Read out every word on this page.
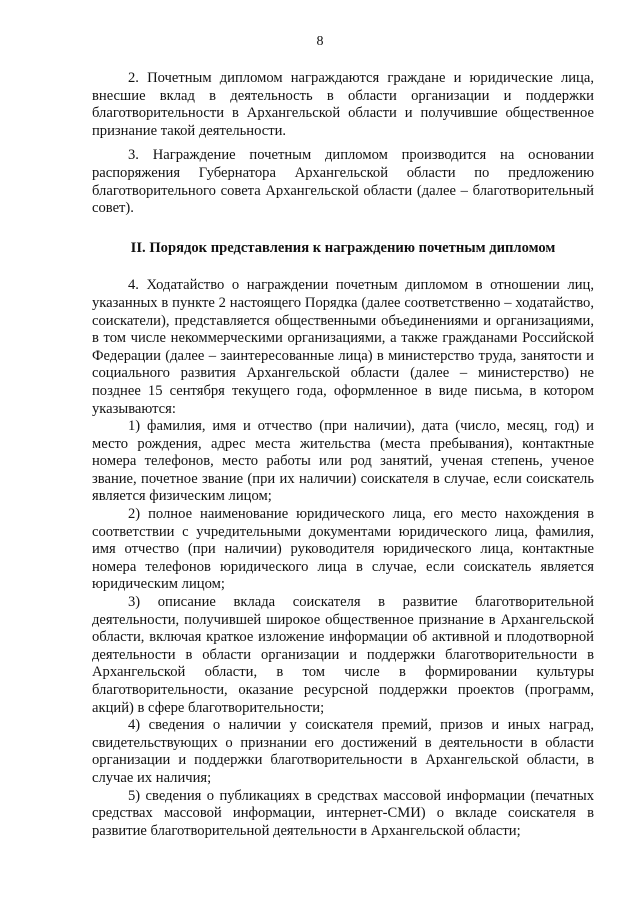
8

2. Почетным дипломом награждаются граждане и юридические лица, внесшие вклад в деятельность в области организации и поддержки благотворительности в Архангельской области и получившие общественное признание такой деятельности.

3. Награждение почетным дипломом производится на основании распоряжения Губернатора Архангельской области по предложению благотворительного совета Архангельской области (далее – благотворительный совет).

II. Порядок представления к награждению почетным дипломом

4. Ходатайство о награждении почетным дипломом в отношении лиц, указанных в пункте 2 настоящего Порядка (далее соответственно – ходатайство, соискатели), представляется общественными объединениями и организациями, в том числе некоммерческими организациями, а также гражданами Российской Федерации (далее – заинтересованные лица) в министерство труда, занятости и социального развития Архангельской области (далее – министерство) не позднее 15 сентября текущего года, оформленное в виде письма, в котором указываются:

1) фамилия, имя и отчество (при наличии), дата (число, месяц, год) и место рождения, адрес места жительства (места пребывания), контактные номера телефонов, место работы или род занятий, ученая степень, ученое звание, почетное звание (при их наличии) соискателя в случае, если соискатель является физическим лицом;

2) полное наименование юридического лица, его место нахождения в соответствии с учредительными документами юридического лица, фамилия, имя отчество (при наличии) руководителя юридического лица, контактные номера телефонов юридического лица в случае, если соискатель является юридическим лицом;

3) описание вклада соискателя в развитие благотворительной деятельности, получившей широкое общественное признание в Архангельской области, включая краткое изложение информации об активной и плодотворной деятельности в области организации и поддержки благотворительности в Архангельской области, в том числе в формировании культуры благотворительности, оказание ресурсной поддержки проектов (программ, акций) в сфере благотворительности;

4) сведения о наличии у соискателя премий, призов и иных наград, свидетельствующих о признании его достижений в деятельности в области организации и поддержки благотворительности в Архангельской области, в случае их наличия;

5) сведения о публикациях в средствах массовой информации (печатных средствах массовой информации, интернет-СМИ) о вкладе соискателя в развитие благотворительной деятельности в Архангельской области;
